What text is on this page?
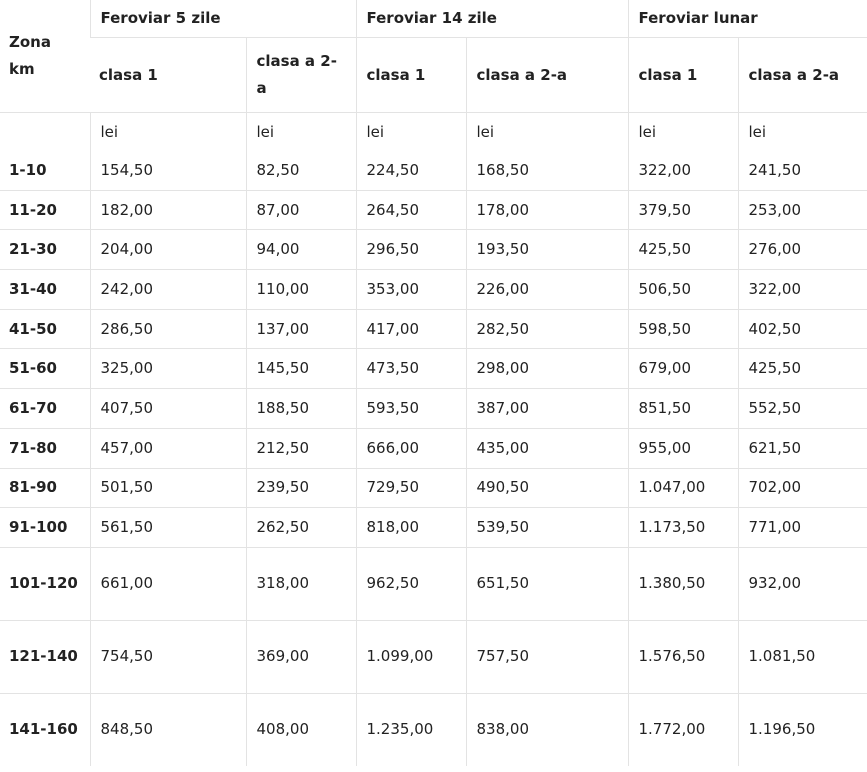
Zona km	Feroviar 5 zile		Feroviar 14 zile		Feroviar lunar	
	clasa 1	clasa a 2-a	clasa 1	clasa a 2-a	clasa 1	clasa a 2-a
	lei	lei	lei	lei	lei	lei
1-10	154,50	82,50	224,50	168,50	322,00	241,50
11-20	182,00	87,00	264,50	178,00	379,50	253,00
21-30	204,00	94,00	296,50	193,50	425,50	276,00
31-40	242,00	110,00	353,00	226,00	506,50	322,00
41-50	286,50	137,00	417,00	282,50	598,50	402,50
51-60	325,00	145,50	473,50	298,00	679,00	425,50
61-70	407,50	188,50	593,50	387,00	851,50	552,50
71-80	457,00	212,50	666,00	435,00	955,00	621,50
81-90	501,50	239,50	729,50	490,50	1.047,00	702,00
91-100	561,50	262,50	818,00	539,50	1.173,50	771,00
101-120	661,00	318,00	962,50	651,50	1.380,50	932,00
121-140	754,50	369,00	1.099,00	757,50	1.576,50	1.081,50
141-160	848,50	408,00	1.235,00	838,00	1.772,00	1.196,50
